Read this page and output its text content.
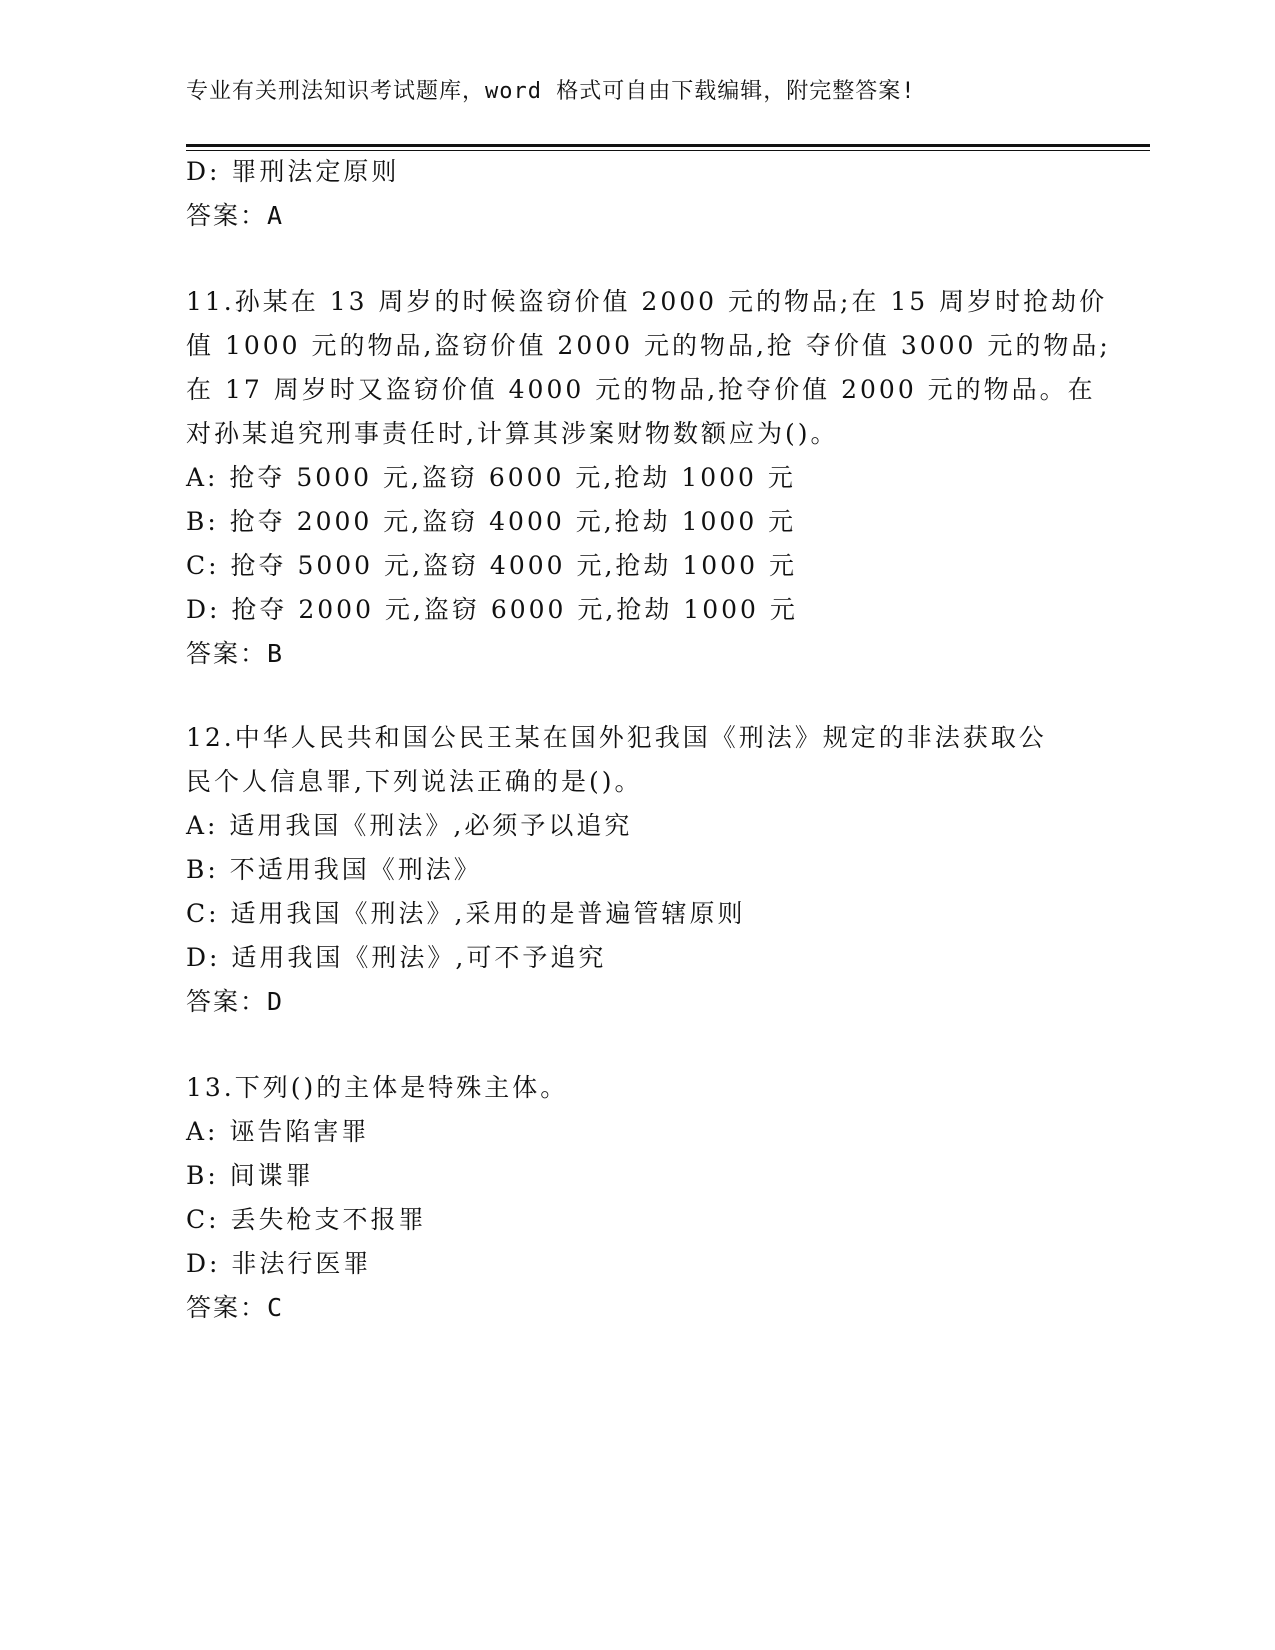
专业有关刑法知识考试题库，word 格式可自由下载编辑，附完整答案!
D: 罪刑法定原则
答案：A
11.孙某在 13 周岁的时候盗窃价值 2000 元的物品;在 15 周岁时抢劫价
值 1000 元的物品,盗窃价值 2000 元的物品,抢 夺价值 3000 元的物品;
在 17 周岁时又盗窃价值 4000 元的物品,抢夺价值 2000 元的物品。在
对孙某追究刑事责任时,计算其涉案财物数额应为()。
A: 抢夺 5000 元,盗窃 6000 元,抢劫 1000 元
B: 抢夺 2000 元,盗窃 4000 元,抢劫 1000 元
C: 抢夺 5000 元,盗窃 4000 元,抢劫 1000 元
D: 抢夺 2000 元,盗窃 6000 元,抢劫 1000 元
答案：B
12.中华人民共和国公民王某在国外犯我国《刑法》规定的非法获取公
民个人信息罪,下列说法正确的是()。
A: 适用我国《刑法》,必须予以追究
B: 不适用我国《刑法》
C: 适用我国《刑法》,采用的是普遍管辖原则
D: 适用我国《刑法》,可不予追究
答案：D
13.下列()的主体是特殊主体。
A: 诬告陷害罪
B: 间谍罪
C: 丢失枪支不报罪
D: 非法行医罪
答案：C
